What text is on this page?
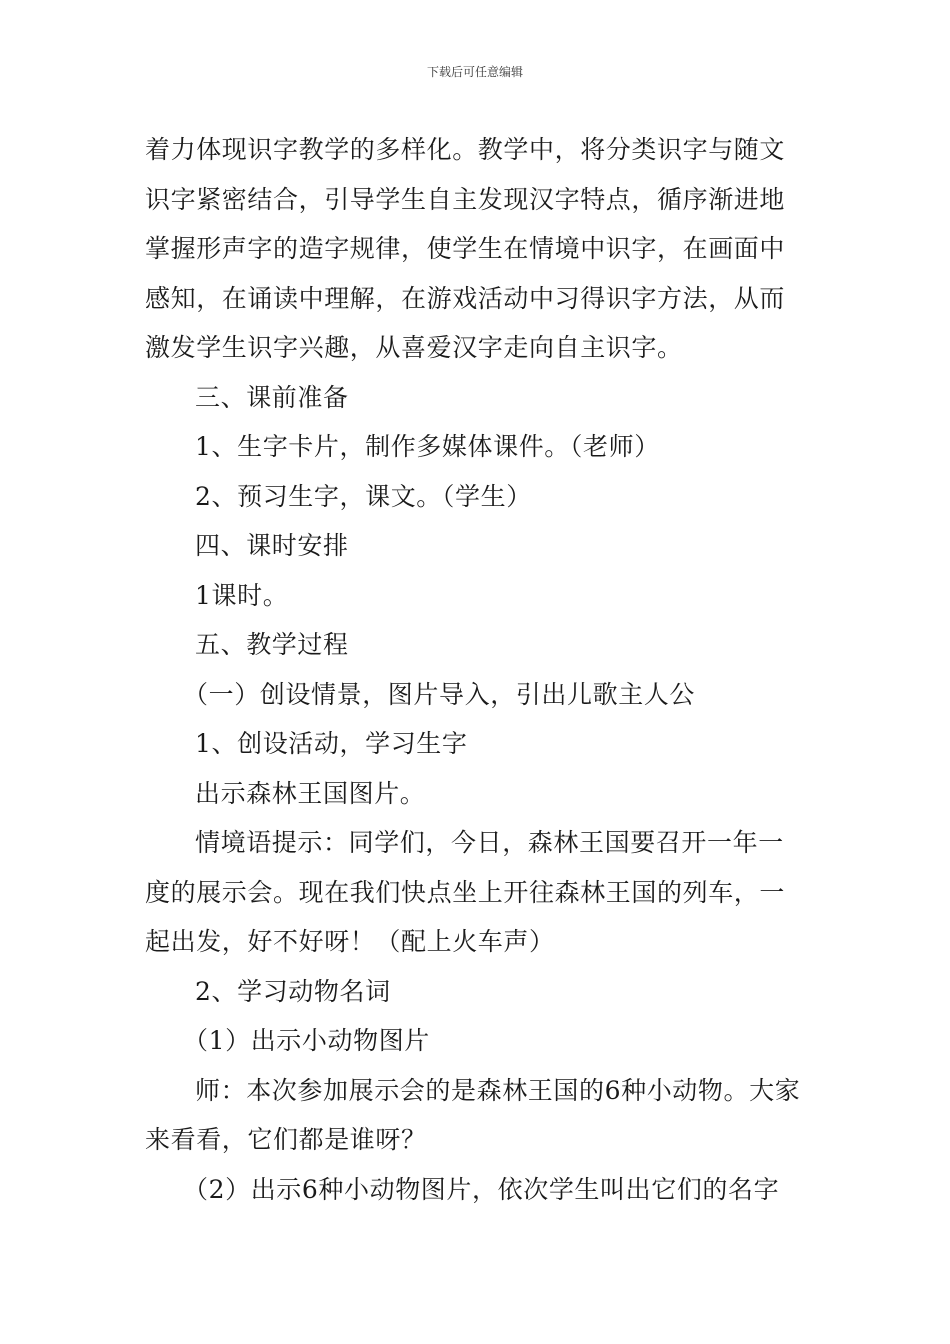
下载后可任意编辑
着力体现识字教学的多样化。教学中，将分类识字与随文
识字紧密结合，引导学生自主发现汉字特点，循序渐进地
掌握形声字的造字规律，使学生在情境中识字，在画面中
感知，在诵读中理解，在游戏活动中习得识字方法，从而
激发学生识字兴趣，从喜爱汉字走向自主识字。
三、课前准备
1、生字卡片，制作多媒体课件。（老师）
2、预习生字，课文。（学生）
四、课时安排
1课时。
五、教学过程
（一）创设情景，图片导入，引出儿歌主人公
1、创设活动，学习生字
出示森林王国图片。
情境语提示：同学们，今日，森林王国要召开一年一
度的展示会。现在我们快点坐上开往森林王国的列车，一
起出发，好不好呀！（配上火车声）
2、学习动物名词
（1）出示小动物图片
师：本次参加展示会的是森林王国的6种小动物。大家
来看看，它们都是谁呀？
（2）出示6种小动物图片，依次学生叫出它们的名字
